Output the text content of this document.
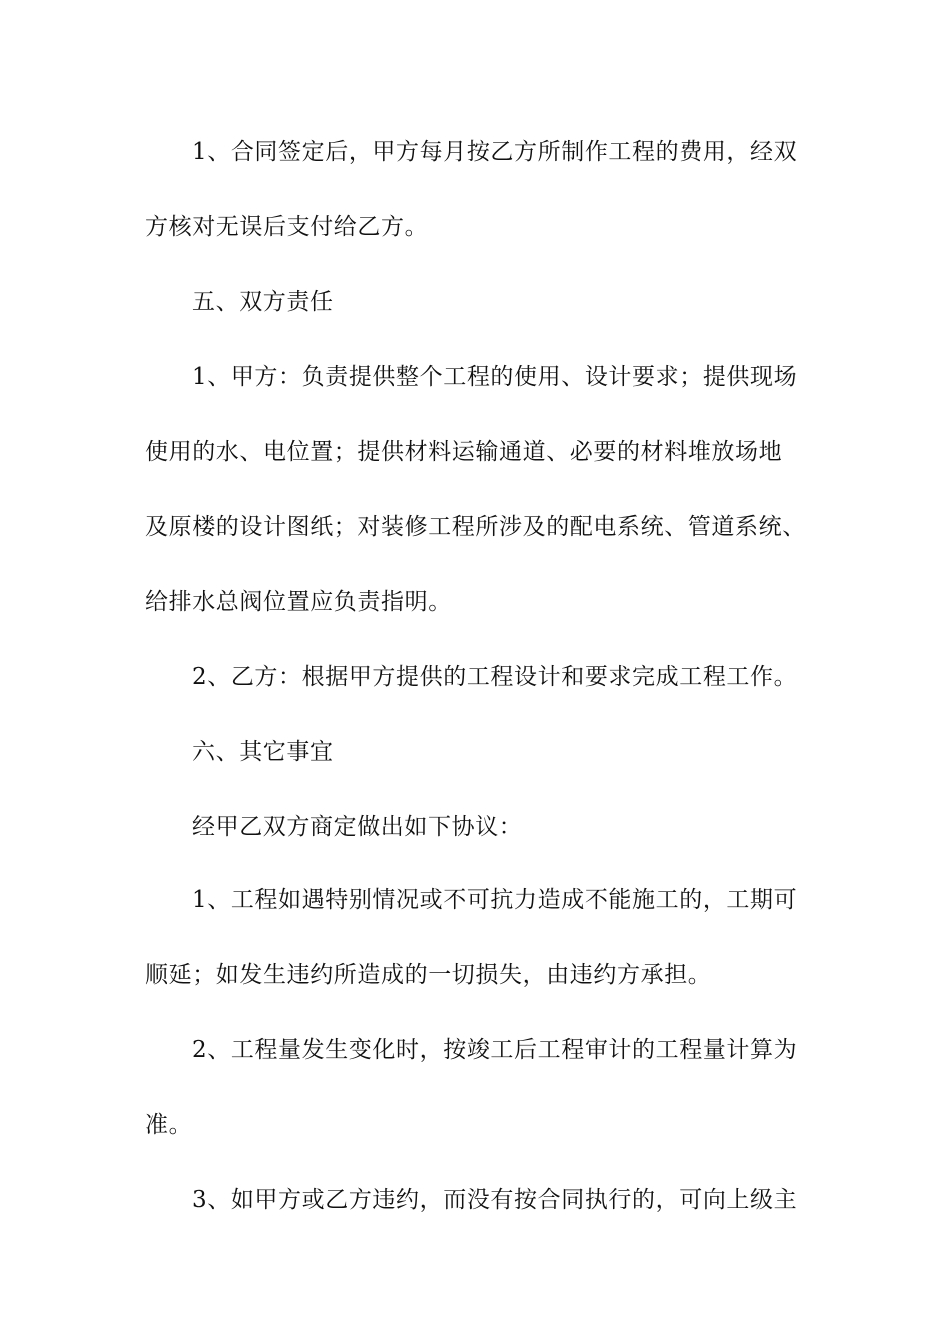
1、合同签定后，甲方每月按乙方所制作工程的费用，经双
方核对无误后支付给乙方。
五、双方责任
1、甲方：负责提供整个工程的使用、设计要求；提供现场
使用的水、电位置；提供材料运输通道、必要的材料堆放场地
及原楼的设计图纸；对装修工程所涉及的配电系统、管道系统、
给排水总阀位置应负责指明。
2、乙方：根据甲方提供的工程设计和要求完成工程工作。
六、其它事宜
经甲乙双方商定做出如下协议：
1、工程如遇特别情况或不可抗力造成不能施工的，工期可
顺延；如发生违约所造成的一切损失，由违约方承担。
2、工程量发生变化时，按竣工后工程审计的工程量计算为
准。
3、如甲方或乙方违约，而没有按合同执行的，可向上级主
